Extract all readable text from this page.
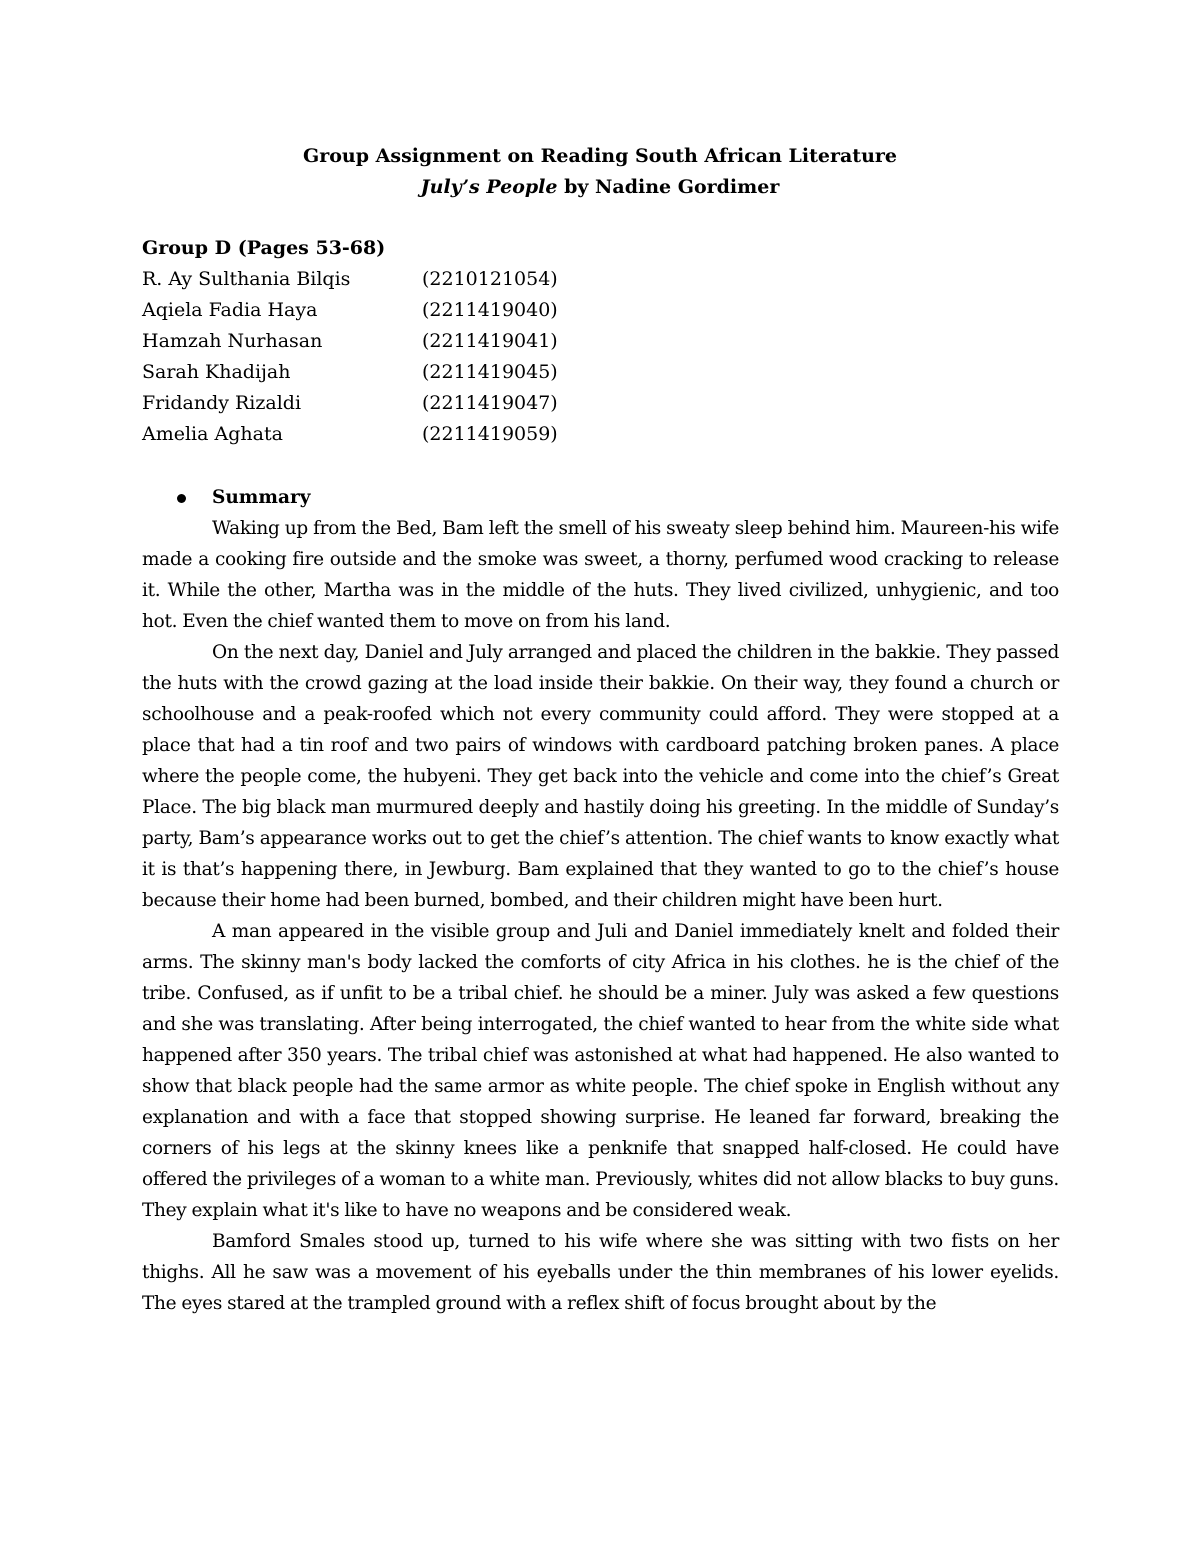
Group Assignment on Reading South African Literature
July’s People by Nadine Gordimer
Group D (Pages 53-68)
R. Ay Sulthania Bilqis	(2210121054)
Aqiela Fadia Haya	(2211419040)
Hamzah Nurhasan	(2211419041)
Sarah Khadijah	(2211419045)
Fridandy Rizaldi	(2211419047)
Amelia Aghata	(2211419059)
Summary

Waking up from the Bed, Bam left the smell of his sweaty sleep behind him. Maureen-his wife made a cooking fire outside and the smoke was sweet, a thorny, perfumed wood cracking to release it. While the other, Martha was in the middle of the huts. They lived civilized, unhygienic, and too hot. Even the chief wanted them to move on from his land.

On the next day, Daniel and July arranged and placed the children in the bakkie. They passed the huts with the crowd gazing at the load inside their bakkie. On their way, they found a church or schoolhouse and a peak-roofed which not every community could afford. They were stopped at a place that had a tin roof and two pairs of windows with cardboard patching broken panes. A place where the people come, the hubyeni. They get back into the vehicle and come into the chief’s Great Place. The big black man murmured deeply and hastily doing his greeting. In the middle of Sunday’s party, Bam’s appearance works out to get the chief’s attention. The chief wants to know exactly what it is that’s happening there, in Jewburg. Bam explained that they wanted to go to the chief’s house because their home had been burned, bombed, and their children might have been hurt.

A man appeared in the visible group and Juli and Daniel immediately knelt and folded their arms. The skinny man's body lacked the comforts of city Africa in his clothes. he is the chief of the tribe. Confused, as if unfit to be a tribal chief. he should be a miner. July was asked a few questions and she was translating. After being interrogated, the chief wanted to hear from the white side what happened after 350 years. The tribal chief was astonished at what had happened. He also wanted to show that black people had the same armor as white people. The chief spoke in English without any explanation and with a face that stopped showing surprise. He leaned far forward, breaking the corners of his legs at the skinny knees like a penknife that snapped half-closed. He could have offered the privileges of a woman to a white man. Previously, whites did not allow blacks to buy guns. They explain what it's like to have no weapons and be considered weak.

Bamford Smales stood up, turned to his wife where she was sitting with two fists on her thighs. All he saw was a movement of his eyeballs under the thin membranes of his lower eyelids. The eyes stared at the trampled ground with a reflex shift of focus brought about by the
